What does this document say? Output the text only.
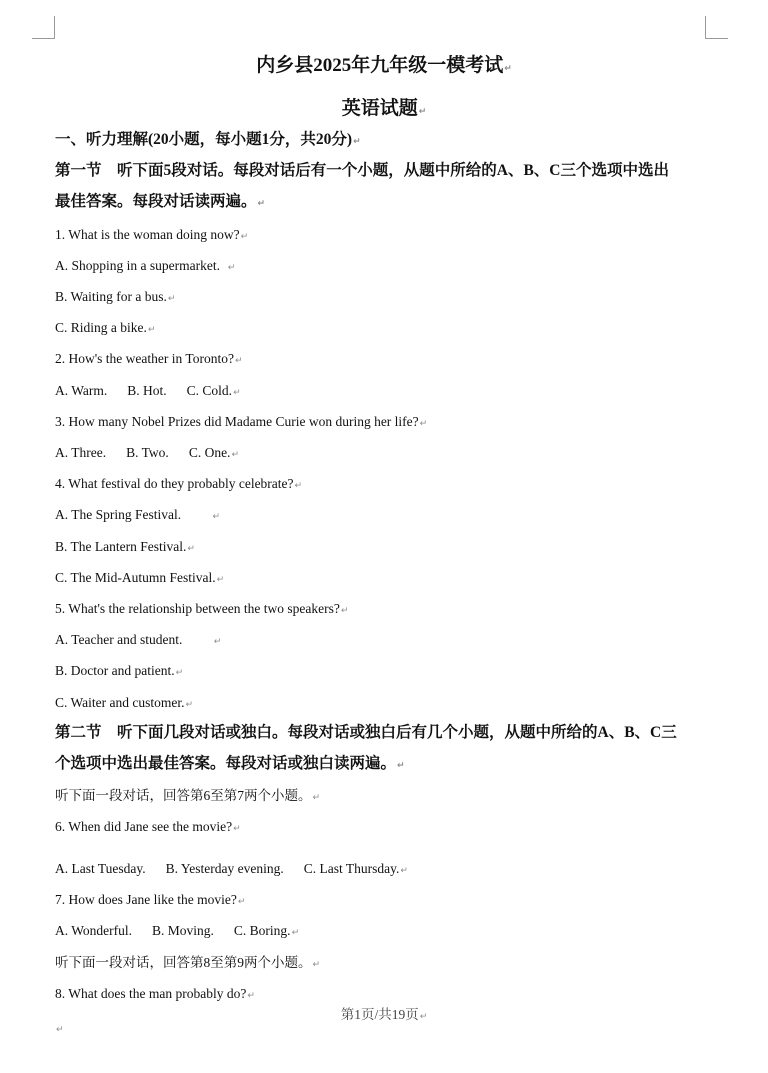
内乡县2025年九年级一模考试↵
英语试题↵
一、听力理解(20小题，每小题1分，共20分)↵
第一节　听下面5段对话。每段对话后有一个小题，从题中所给的A、B、C三个选项中选出
最佳答案。每段对话读两遍。↵
1. What is the woman doing now?↵
A. Shopping in a supermarket. ↵
B. Waiting for a bus.↵
C. Riding a bike.↵
2. How's the weather in Toronto?↵
A. Warm. B. Hot. C. Cold.↵
3. How many Nobel Prizes did Madame Curie won during her life?↵
A. Three. B. Two. C. One.↵
4. What festival do they probably celebrate?↵
A. The Spring Festival.	↵
B. The Lantern Festival.↵
C. The Mid-Autumn Festival.↵
5. What's the relationship between the two speakers?↵
A. Teacher and student.	↵
B. Doctor and patient.↵
C. Waiter and customer.↵
第二节　听下面几段对话或独白。每段对话或独白后有几个小题，从题中所给的A、B、C三
个选项中选出最佳答案。每段对话或独白读两遍。↵
听下面一段对话，回答第6至第7两个小题。↵
6. When did Jane see the movie?↵
A. Last Tuesday. B. Yesterday evening. C. Last Thursday.↵
7. How does Jane like the movie?↵
A. Wonderful. B. Moving. C. Boring.↵
听下面一段对话，回答第8至第9两个小题。↵
8. What does the man probably do?↵
第1页/共19页↵
↵
